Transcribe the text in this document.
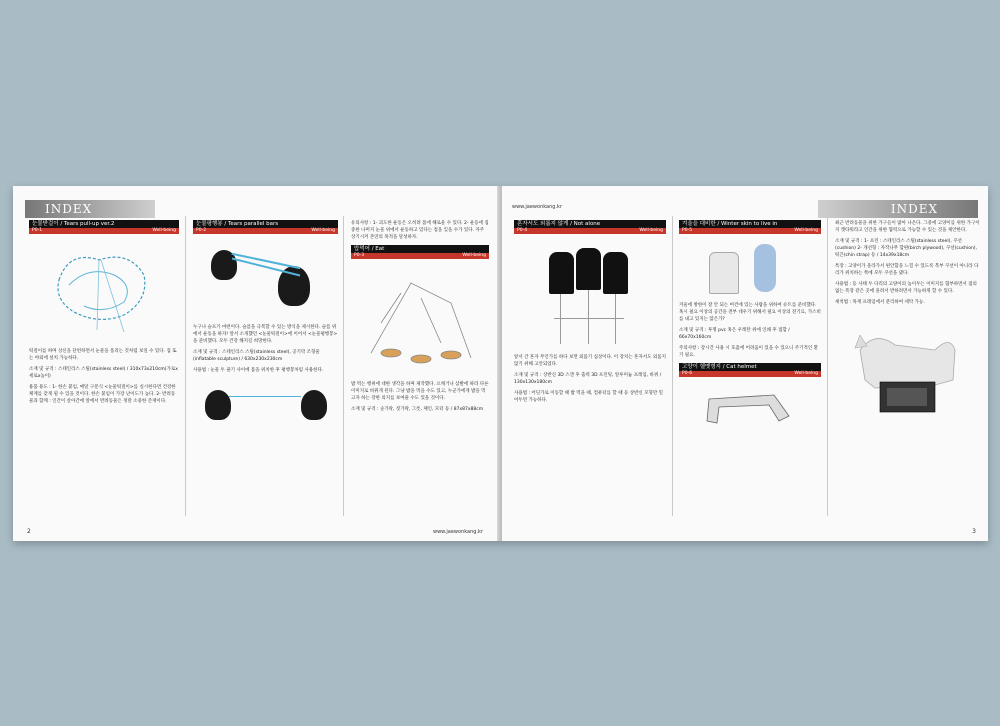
INDEX
눈물받걸이 / Tears pull-up ver.2
P0-1	Well-being
턱걸이를 하며 상신을 단련하면서 눈물을 흘리는 것처럼 보일 수 있다. 집 또는 야외에 설치 가능하다.
소재 및 규격 : 스테인리스 스틸(stainless steel) / 310x73x210cm(가로x세로x높이)
용품 용도 : 1- 한손 붙임, 매달 구문식 <눈물턱걸이>를 실시한다면 건강한 체계를 갖게 될 수 있을 것이다. 한손 붙임이 가장 난이도가 높다. 2- 반려동물과 함께 : 인간이 살아간에 앞에서 반려동물은 정말 소중한 존재이다.
눈물평행봉 / Tears parallel bars
P0-2	Well-being
누구나 슬프기 마련이다. 슬픔을 극복할 수 있는 방식을 제시한다. 슬픔 위에서 운동을 하자! 앞서 소개했던 <눈물턱걸이>에 이어서 <눈물평행봉>을 준비했다. 모두 건강 해지길 희망한다.
소재 및 규격 : 스테인리스 스틸(stainless steel), 공기막 조형물(inflatable sculpture) / 630x230x230cm
사용법 : 눈물 두 줄기 사이에 몸을 위치한 후 평행봉처럼 사용한다.
유의사항 : 1- 괴도한 운동은 오히려 몸에 해로울 수 있다. 2- 운동에 집중한 나머지 눈물 위에서 운동하고 있다는 점을 잊을 수가 있다. 자주 상기시켜 본연의 목적을 달성하자.
밥먹어 / Eat
P0-3	Well-being
밥 먹는 행위에 대한 생각을 하며 제작했다. 으깨거나 삼발에 따라 다른 이미지로 바뀌게 된다. 그냥 밥을 먹을 수도 있고, 누군가에게 밥을 먹고자 하는 강한 의지를 보여줄 수도 있을 것이다.
소재 및 규격 : 숟가락, 젓가락, 그릇, 체인, 모터 등 / 87x87x88cm
2	www.jaewonkang.kr
www.jaewonkang.kr	INDEX
혼자서도 외롭지 않게 / Not alone
P0-4	Well-being
앞서 간 혼자 무언가를 하다 보면 외롭기 십상이다. 이 장치는 혼자서도 외롭지 않기 위해 고안되었다.
소재 및 규격 : 상반신 3D 스캔 후 출력 3D 프린팅, 알루미늄 프레임, 바퀴 / 130x130x180cm
사용법 : 어딘가로 이동할 때 밥 먹을 때, 컴퓨터를 할 때 등 상반신 모형만 밀어두면 가능하다.
겨울을 대비한 / Winter skin to live in
P0-5	Well-being
겨울에 방한이 잘 안 되는 여건에 있는 사람을 위하여 슈트를 준비했다. 혹시 필요 이상의 공간을 전부 데우기 위해서 필요 이상의 전기료, 가스비를 내고 있지는 않은가?
소재 및 규격 : 투명 pvc 혹은 우레탄 위에 인쇄 후 접합 / 66x70x160cm
주의사항 : 장시간 사용 시 호흡에 어려움이 있을 수 있으니 주기적인 환기 필요.
고양이 헬멧형지 / Cat helmet
P0-6	Well-being
최근 반려동물을 위한 가구들이 많아 나온다. 그중에 고양이를 위한 가구이지 캣타워라고 인간을 위한 협력으로 가능할 수 있는 것을 제안한다.
소재 및 규격 : 1- 프린 : 스테인리스 스틸(stainless steel), 쿠션(cushion) 2- 개선형 : 자작나무 합판(birch plywood), 쿠션(cushion), 턱끈(chin strap) 등 / 14x39x18cm
특장 : 고양이가 올라가서 편안함을 느낄 수 있도록 복부 쿠션이 아니라 다리가 위치하는 쪽에 모두 쿠션을 댔다.
사용법 : 등 사태 두 다리의 고양이의 높이두는 이미지를 협부하면서 접의 없는 폭장 같은 곳에 올려서 반하려면서 가능하게 할 수 있다.
세척법 : 목재 프레임에서 분리하여 세탁 가능.
3
